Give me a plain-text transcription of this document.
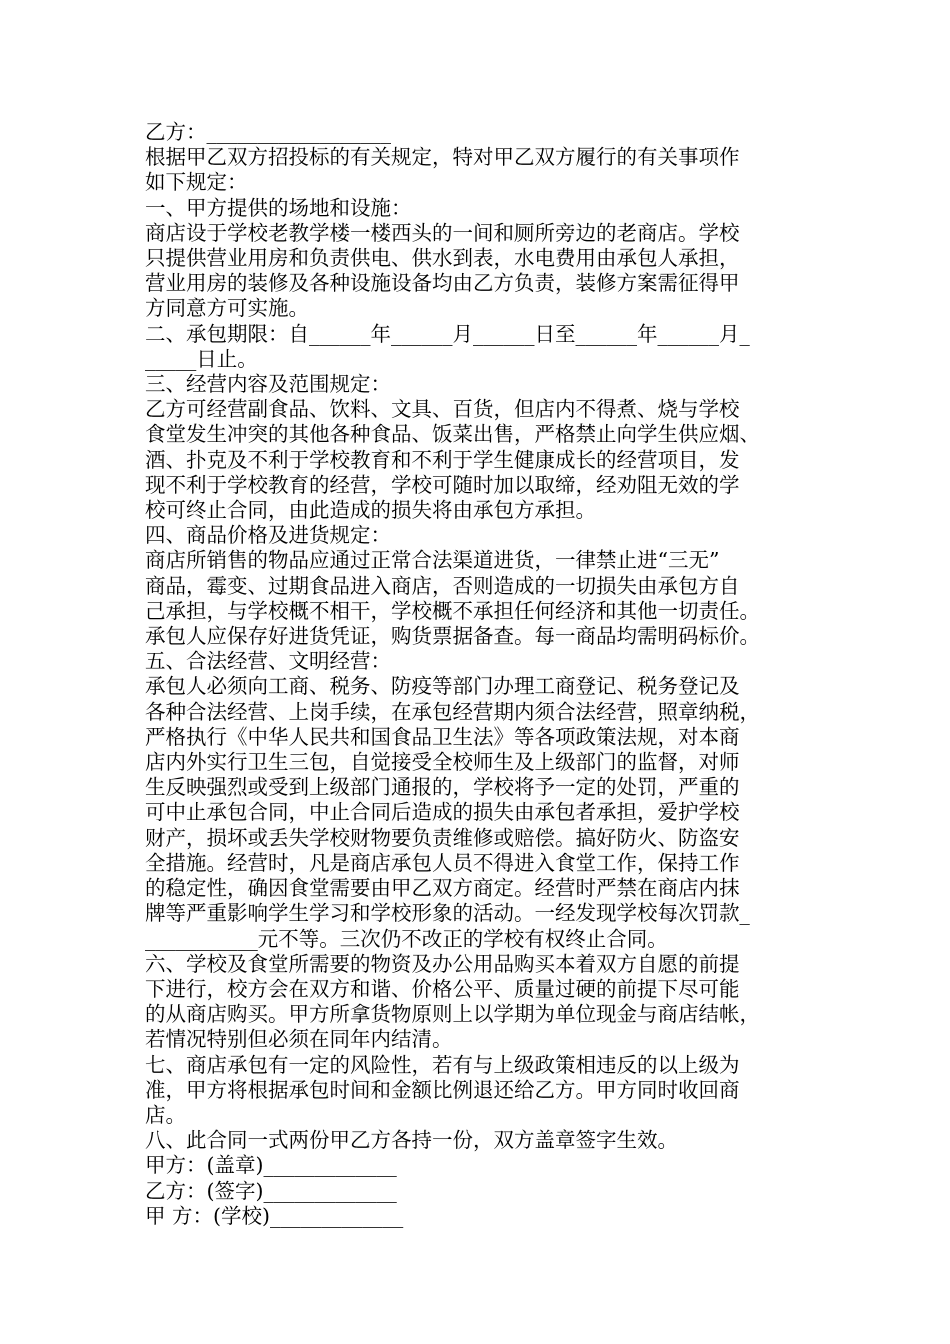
乙方：__________________

根据甲乙双方招投标的有关规定，特对甲乙双方履行的有关事项作

如下规定：

一、甲方提供的场地和设施：

商店设于学校老教学楼一楼西头的一间和厕所旁边的老商店。学校

只提供营业用房和负责供电、供水到表，水电费用由承包人承担，

营业用房的装修及各种设施设备均由乙方负责，装修方案需征得甲

方同意方可实施。

二、承包期限：自______年______月______日至______年______月_

_____日止。

三、经营内容及范围规定：

乙方可经营副食品、饮料、文具、百货，但店内不得煮、烧与学校

食堂发生冲突的其他各种食品、饭菜出售，严格禁止向学生供应烟、

酒、扑克及不利于学校教育和不利于学生健康成长的经营项目，发

现不利于学校教育的经营，学校可随时加以取缔，经劝阻无效的学

校可终止合同，由此造成的损失将由承包方承担。

四、商品价格及进货规定：

商店所销售的物品应通过正常合法渠道进货，一律禁止进“三无”

商品，霉变、过期食品进入商店，否则造成的一切损失由承包方自

己承担，与学校概不相干，学校概不承担任何经济和其他一切责任。

承包人应保存好进货凭证，购货票据备查。每一商品均需明码标价。

五、合法经营、文明经营：

承包人必须向工商、税务、防疫等部门办理工商登记、税务登记及

各种合法经营、上岗手续，在承包经营期内须合法经营，照章纳税，

严格执行《中华人民共和国食品卫生法》等各项政策法规，对本商

店内外实行卫生三包，自觉接受全校师生及上级部门的监督，对师

生反映强烈或受到上级部门通报的，学校将予一定的处罚，严重的

可中止承包合同，中止合同后造成的损失由承包者承担，爱护学校

财产，损坏或丢失学校财物要负责维修或赔偿。搞好防火、防盗安

全措施。经营时，凡是商店承包人员不得进入食堂工作，保持工作

的稳定性，确因食堂需要由甲乙双方商定。经营时严禁在商店内抹

牌等严重影响学生学习和学校形象的活动。一经发现学校每次罚款_

___________元不等。三次仍不改正的学校有权终止合同。

六、学校及食堂所需要的物资及办公用品购买本着双方自愿的前提

下进行，校方会在双方和谐、价格公平、质量过硬的前提下尽可能

的从商店购买。甲方所拿货物原则上以学期为单位现金与商店结帐，

若情况特别但必须在同年内结清。

七、商店承包有一定的风险性，若有与上级政策相违反的以上级为

准，甲方将根据承包时间和金额比例退还给乙方。甲方同时收回商

店。

八、此合同一式两份甲乙方各持一份，双方盖章签字生效。

甲方：(盖章)_____________

乙方：(签字)_____________

甲 方：(学校)_____________
